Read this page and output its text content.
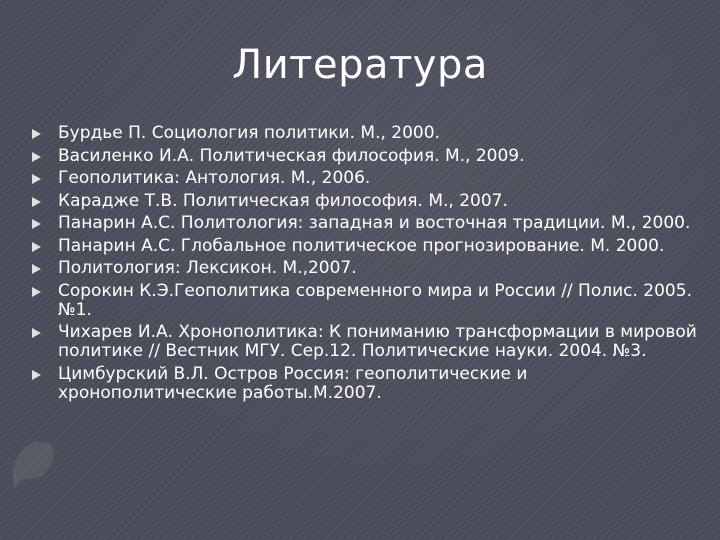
Литература
Бурдье П. Социология политики. М., 2000.
Василенко И.А. Политическая философия. М., 2009.
Геополитика: Антология. М., 2006.
Карадже Т.В. Политическая философия. М., 2007.
Панарин А.С. Политология: западная и восточная традиции. М., 2000.
Панарин А.С. Глобальное политическое прогнозирование. М. 2000.
Политология: Лексикон. М.,2007.
Сорокин К.Э.Геополитика современного мира и России // Полис. 2005. №1.
Чихарев И.А. Хронополитика: К пониманию трансформации в мировой политике // Вестник МГУ. Сер.12. Политические науки. 2004. №3.
Цимбурский В.Л. Остров Россия: геополитические и хронополитические работы.М.2007.
